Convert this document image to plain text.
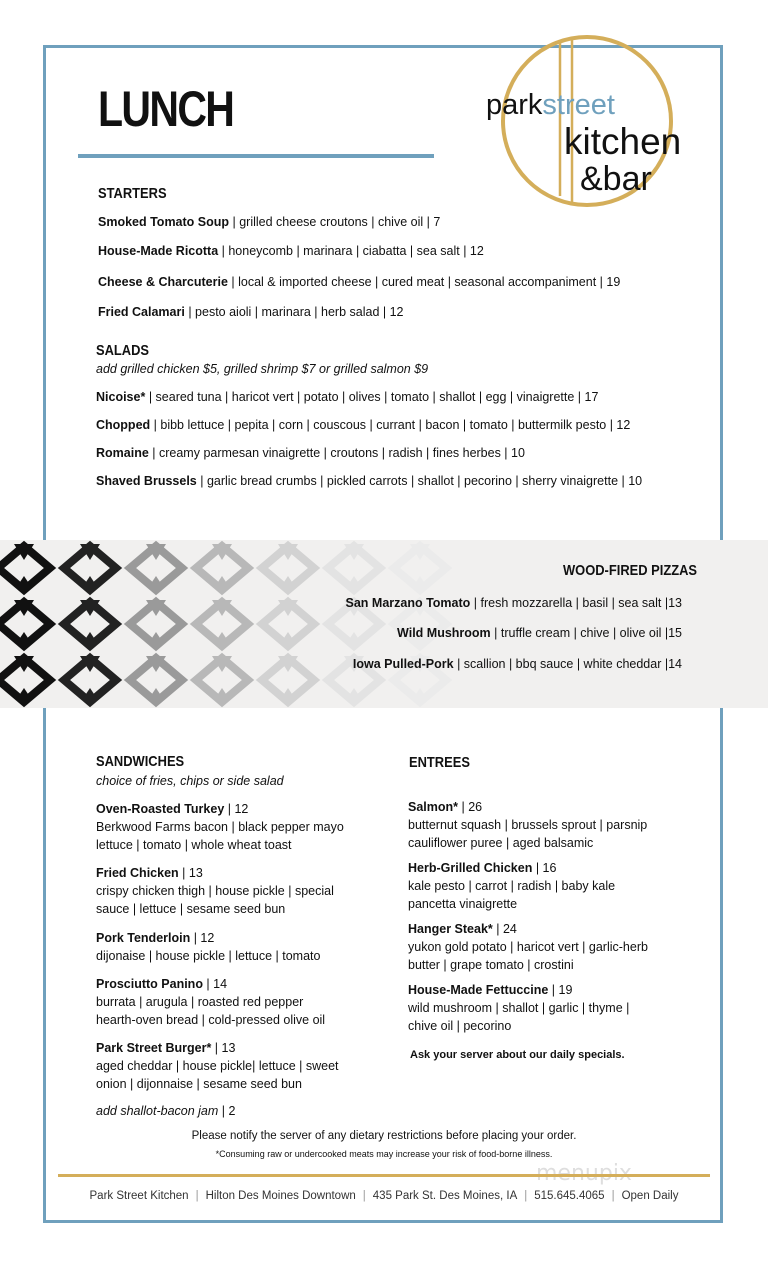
LUNCH	parkstreet
kitchen
&bar
STARTERS
Smoked Tomato Soup | grilled cheese croutons | chive oil | 7
House-Made Ricotta | honeycomb | marinara | ciabatta | sea salt | 12
Cheese & Charcuterie | local & imported cheese | cured meat | seasonal accompaniment | 19
Fried Calamari | pesto aioli | marinara | herb salad | 12
SALADS
add grilled chicken $5, grilled shrimp $7 or grilled salmon $9
Nicoise* | seared tuna | haricot vert | potato | olives | tomato | shallot | egg | vinaigrette | 17
Chopped | bibb lettuce | pepita | corn | couscous | currant | bacon | tomato | buttermilk pesto | 12
Romaine | creamy parmesan vinaigrette | croutons | radish | fines herbes | 10
Shaved Brussels | garlic bread crumbs | pickled carrots | shallot | pecorino | sherry vinaigrette | 10
WOOD-FIRED PIZZAS
San Marzano Tomato | fresh mozzarella | basil | sea salt |13
Wild Mushroom | truffle cream | chive | olive oil |15
Iowa Pulled-Pork | scallion | bbq sauce | white cheddar |14
SANDWICHES
choice of fries, chips or side salad
Oven-Roasted Turkey | 12
Berkwood Farms bacon | black pepper mayo
lettuce | tomato | whole wheat toast
Fried Chicken | 13
crispy chicken thigh | house pickle | special
sauce | lettuce | sesame seed bun
Pork Tenderloin | 12
dijonaise | house pickle | lettuce | tomato
Prosciutto Panino | 14
burrata | arugula | roasted red pepper
hearth-oven bread | cold-pressed olive oil
Park Street Burger* | 13
aged cheddar | house pickle| lettuce | sweet
onion | dijonnaise | sesame seed bun
add shallot-bacon jam | 2
ENTREES
Salmon* | 26
butternut squash | brussels sprout | parsnip
cauliflower puree | aged balsamic
Herb-Grilled Chicken | 16
kale pesto | carrot | radish | baby kale
pancetta vinaigrette
Hanger Steak* | 24
yukon gold potato | haricot vert | garlic-herb
butter | grape tomato | crostini
House-Made Fettuccine | 19
wild mushroom | shallot | garlic | thyme |
chive oil | pecorino
Ask your server about our daily specials.
Please notify the server of any dietary restrictions before placing your order.
*Consuming raw or undercooked meats may increase your risk of food-borne illness.
Park Street Kitchen | Hilton Des Moines Downtown | 435 Park St. Des Moines, IA | 515.645.4065 | Open Daily
